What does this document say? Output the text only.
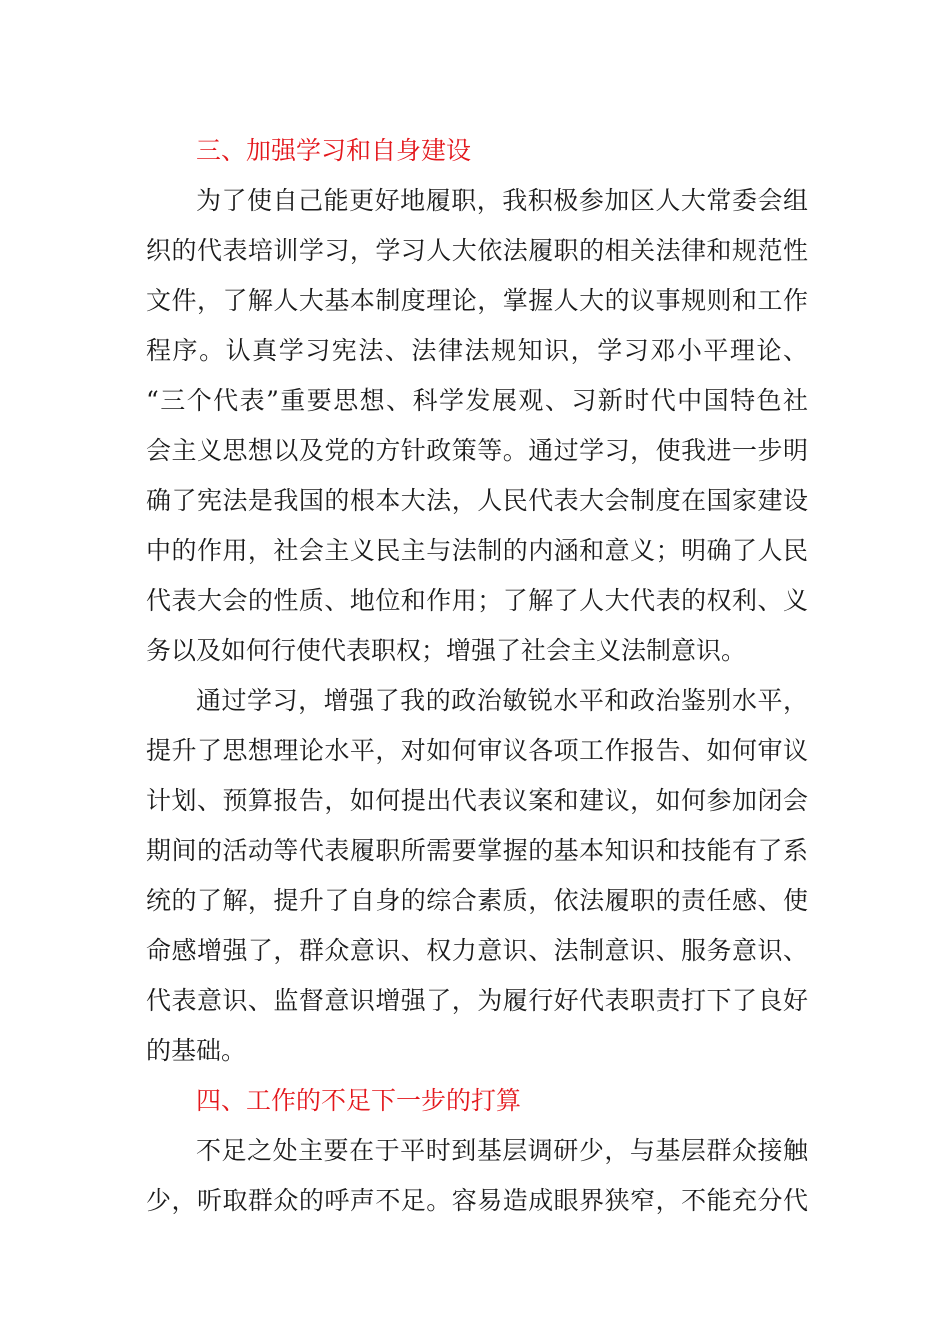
三、加强学习和自身建设

为了使自己能更好地履职，我积极参加区人大常委会组
织的代表培训学习，学习人大依法履职的相关法律和规范性
文件，了解人大基本制度理论，掌握人大的议事规则和工作
程序。认真学习宪法、法律法规知识，学习邓小平理论、
“三个代表”重要思想、科学发展观、习新时代中国特色社
会主义思想以及党的方针政策等。通过学习，使我进一步明
确了宪法是我国的根本大法，人民代表大会制度在国家建设
中的作用，社会主义民主与法制的内涵和意义；明确了人民
代表大会的性质、地位和作用；了解了人大代表的权利、义
务以及如何行使代表职权；增强了社会主义法制意识。

通过学习，增强了我的政治敏锐水平和政治鉴别水平，
提升了思想理论水平，对如何审议各项工作报告、如何审议
计划、预算报告，如何提出代表议案和建议，如何参加闭会
期间的活动等代表履职所需要掌握的基本知识和技能有了系
统的了解，提升了自身的综合素质，依法履职的责任感、使
命感增强了，群众意识、权力意识、法制意识、服务意识、
代表意识、监督意识增强了，为履行好代表职责打下了良好
的基础。

四、工作的不足下一步的打算

不足之处主要在于平时到基层调研少，与基层群众接触
少，听取群众的呼声不足。容易造成眼界狭窄，不能充分代
